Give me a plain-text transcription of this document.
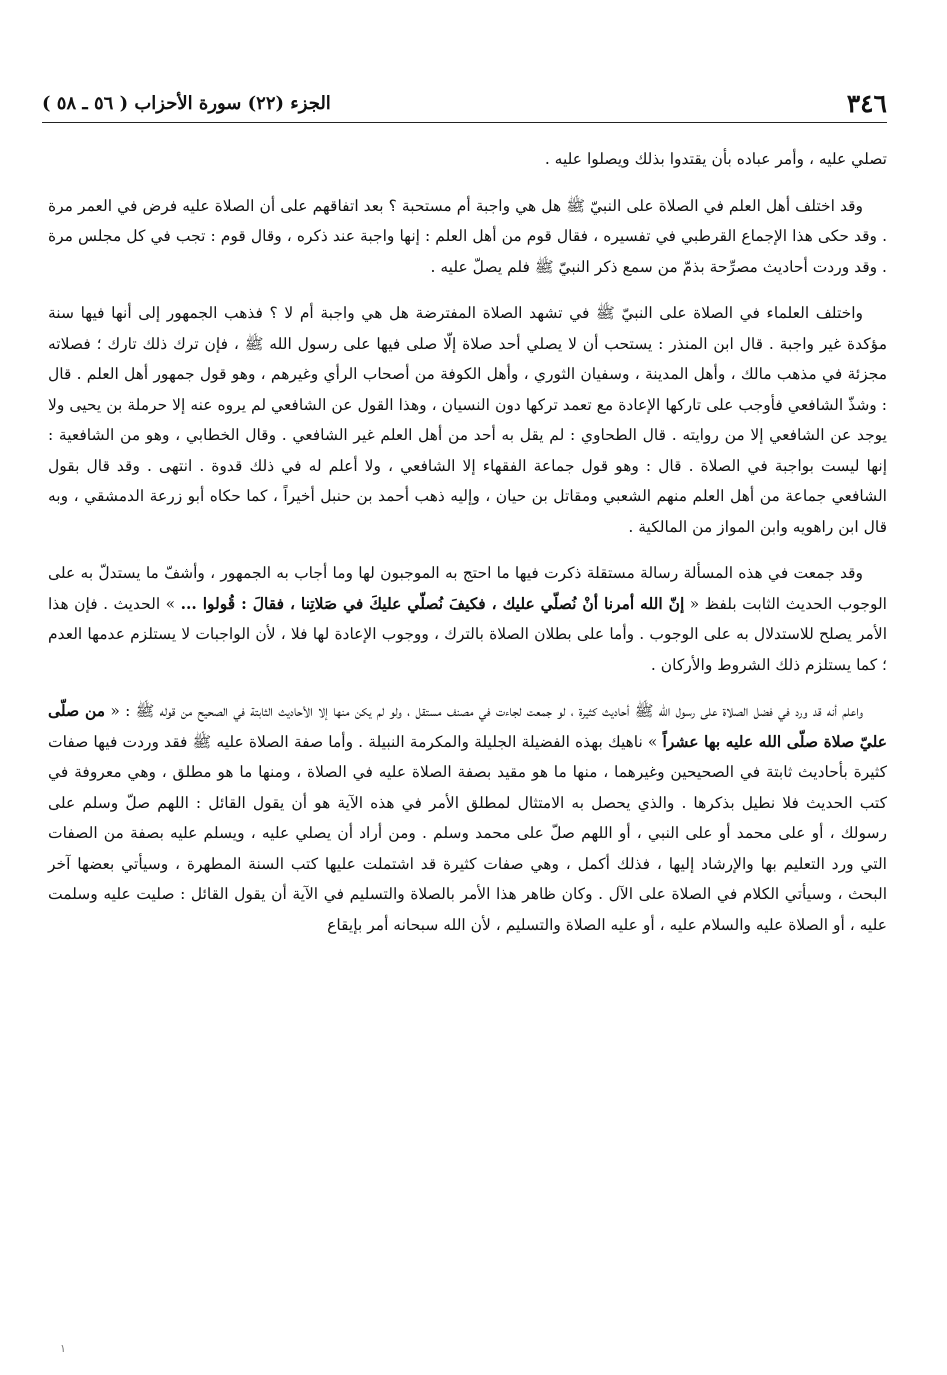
٣٤٦
الجزء (٢٢) سورة الأحزاب ( ٥٦ ـ ٥٨ )

تصلي عليه ، وأمر عباده بأن يقتدوا بذلك ويصلوا عليه .

وقد اختلف أهل العلم في الصلاة على النبيّ ﷺ هل هي واجبة أم مستحبة ؟ بعد اتفاقهم على أن الصلاة عليه فرض في العمر مرة . وقد حكى هذا الإجماع القرطبي في تفسيره ، فقال قوم من أهل العلم : إنها واجبة عند ذكره ، وقال قوم : تجب في كل مجلس مرة . وقد وردت أحاديث مصرِّحة بذمّ من سمع ذكر النبيّ ﷺ فلم يصلّ عليه .

واختلف العلماء في الصلاة على النبيّ ﷺ في تشهد الصلاة المفترضة هل هي واجبة أم لا ؟ فذهب الجمهور إلى أنها فيها سنة مؤكدة غير واجبة . قال ابن المنذر : يستحب أن لا يصلي أحد صلاة إلّا صلى فيها على رسول الله ﷺ ، فإن ترك ذلك تارك ؛ فصلاته مجزئة في مذهب مالك ، وأهل المدينة ، وسفيان الثوري ، وأهل الكوفة من أصحاب الرأي وغيرهم ، وهو قول جمهور أهل العلم . قال : وشذّ الشافعي فأوجب على تاركها الإعادة مع تعمد تركها دون النسيان ، وهذا القول عن الشافعي لم يروه عنه إلا حرملة بن يحيى ولا يوجد عن الشافعي إلا من روايته . قال الطحاوي : لم يقل به أحد من أهل العلم غير الشافعي . وقال الخطابي ، وهو من الشافعية : إنها ليست بواجبة في الصلاة . قال : وهو قول جماعة الفقهاء إلا الشافعي ، ولا أعلم له في ذلك قدوة . انتهى . وقد قال بقول الشافعي جماعة من أهل العلم منهم الشعبي ومقاتل بن حيان ، وإليه ذهب أحمد بن حنبل أخيراً ، كما حكاه أبو زرعة الدمشقي ، وبه قال ابن راهويه وابن المواز من المالكية .

وقد جمعت في هذه المسألة رسالة مستقلة ذكرت فيها ما احتج به الموجبون لها وما أجاب به الجمهور ، وأشفّ ما يستدلّ به على الوجوب الحديث الثابت بلفظ « إنّ الله أمرنا أنْ نُصلّي عليك ، فكيفَ نُصلّي عليكَ في صَلاتِنا ، فقالَ : قُولوا ... » الحديث . فإن هذا الأمر يصلح للاستدلال به على الوجوب . وأما على بطلان الصلاة بالترك ، ووجوب الإعادة لها فلا ، لأن الواجبات لا يستلزم عدمها العدم ؛ كما يستلزم ذلك الشروط والأركان .

واعلم أنه قد ورد في فضل الصلاة على رسول الله ﷺ أحاديث كثيرة ، لو جمعت لجاءت في مصنف مستقل ، ولو لم يكن منها إلا الأحاديث الثابتة في الصحيح من قوله ﷺ : « من صلّى عليّ صلاة صلّى الله عليه بها عشراً » ناهيك بهذه الفضيلة الجليلة والمكرمة النبيلة . وأما صفة الصلاة عليه ﷺ فقد وردت فيها صفات كثيرة بأحاديث ثابتة في الصحيحين وغيرهما ، منها ما هو مقيد بصفة الصلاة عليه في الصلاة ، ومنها ما هو مطلق ، وهي معروفة في كتب الحديث فلا نطيل بذكرها . والذي يحصل به الامتثال لمطلق الأمر في هذه الآية هو أن يقول القائل : اللهم صلّ وسلم على رسولك ، أو على محمد أو على النبي ، أو اللهم صلّ على محمد وسلم . ومن أراد أن يصلي عليه ، ويسلم عليه بصفة من الصفات التي ورد التعليم بها والإرشاد إليها ، فذلك أكمل ، وهي صفات كثيرة قد اشتملت عليها كتب السنة المطهرة ، وسيأتي بعضها آخر البحث ، وسيأتي الكلام في الصلاة على الآل . وكان ظاهر هذا الأمر بالصلاة والتسليم في الآية أن يقول القائل : صليت عليه وسلمت عليه ، أو الصلاة عليه والسلام عليه ، أو عليه الصلاة والتسليم ، لأن الله سبحانه أمر بإيقاع

١
